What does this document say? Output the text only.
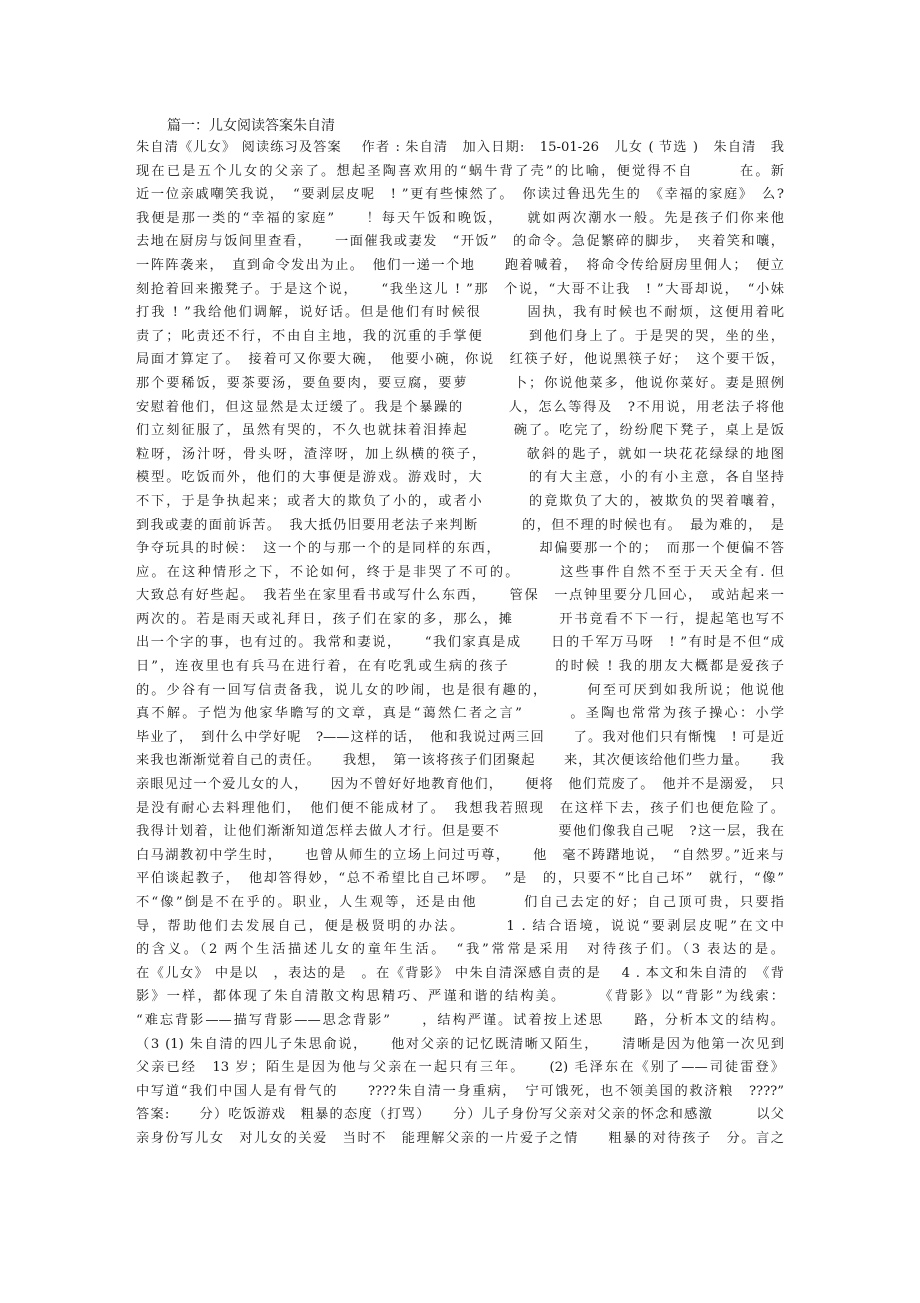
篇一：儿女阅读答案朱自清
朱自清《儿女》 阅读练习及答案　 作者 : 朱自清　加入日期:　15-01-26　儿女 ( 节选 )　朱自清　我
现在已是五个儿女的父亲了。想起圣陶喜欢用的“蜗牛背了壳”的比喻，便觉得不自　　　在。新
近一位亲戚嘲笑我说，　“要剥层皮呢　! ”更有些悚然了。　你读过鲁迅先生的　《幸福的家庭》　么?
我便是那一类的“幸福的家庭”　　！每天午饭和晚饭，　　就如两次潮水一般。先是孩子们你来他
去地在厨房与饭间里查看，　　一面催我或妻发　“开饭”　的命令。急促繁碎的脚步，　夹着笑和嚷，
一阵阵袭来，　直到命令发出为止。　他们一递一个地　　跑着喊着，　将命令传给厨房里佣人；　便立
刻抢着回来搬凳子。于是这个说，　　“我坐这儿 ! ”那　个说，“大哥不让我　! ”大哥却说，　“小妹
打我 ! ”我给他们调解，说好话。但是他们有时候很　　　固执，我有时候也不耐烦，这便用着叱
责了；叱责还不行，不由自主地，我的沉重的手掌便　　　到他们身上了。于是哭的哭，坐的坐，
局面才算定了。　接着可又你要大碗，　他要小碗，你说　红筷子好，他说黑筷子好；　这个要干饭，
那个要稀饭，要茶要汤，要鱼要肉，要豆腐，要萝　　　卜；你说他菜多，他说你菜好。妻是照例
安慰着他们，但这显然是太迂缓了。我是个暴躁的　　　人，怎么等得及　?不用说，用老法子将他
们立刻征服了，虽然有哭的，不久也就抹着泪捧起　　　碗了。吃完了，纷纷爬下凳子，桌上是饭
粒呀，汤汁呀，骨头呀，渣滓呀，加上纵横的筷子，　　　欹斜的匙子，就如一块花花绿绿的地图
模型。吃饭而外，他们的大事便是游戏。游戏时，大　　　的有大主意，小的有小主意，各自坚持
不下，于是争执起来；或者大的欺负了小的，或者小　　　的竟欺负了大的，被欺负的哭着嚷着，
到我或妻的面前诉苦。　我大抵仍旧要用老法子来判断　　　的，但不理的时候也有。　最为难的，　是
争夺玩具的时候：　这一个的与那一个的是同样的东西，　　　却偏要那一个的；　而那一个便偏不答
应。在这种情形之下，不论如何，终于是非哭了不可的。　　　这些事件自然不至于天天全有. 但
大致总有好些起。　我若坐在家里看书或写什么东西，　　管保　一点钟里要分几回心，　或站起来一
两次的。若是雨天或礼拜日，孩子们在家的多，那么，摊　　　开书竟看不下一行，提起笔也写不
出一个字的事，也有过的。我常和妻说，　　“我们家真是成　　日的千军万马呀　! ”有时是不但“成
日”，连夜里也有兵马在进行着，在有吃乳或生病的孩子　　　的时候 ! 我的朋友大概都是爱孩子
的。少谷有一回写信责备我，说儿女的吵闹，也是很有趣的，　　　何至可厌到如我所说；他说他
真不解。子恺为他家华瞻写的文章，真是“蔼然仁者之言”　　　。圣陶也常常为孩子操心：小学
毕业了，　到什么中学好呢　?——这样的话，　他和我说过两三回　　了。我对他们只有惭愧　! 可是近
来我也渐渐觉着自己的责任。　　我想，　第一该将孩子们团聚起　　来，其次便该给他们些力量。　　我
亲眼见过一个爱儿女的人，　　因为不曾好好地教育他们，　　便将　他们荒废了。　他并不是溺爱，　只
是没有耐心去料理他们，　他们便不能成材了。　我想我若照现　在这样下去，孩子们也便危险了。
我得计划着，让他们渐渐知道怎样去做人才行。但是要不　　　　要他们像我自己呢　?这一层，我在
白马湖教初中学生时，　　也曾从师生的立场上问过丏尊，　　他　毫不踌躇地说，　“自然罗。”近来与
平伯谈起教子，　他却答得妙，“总不希望比自己坏啰。　”是　的，只要不“比自己坏”　就行，“像”
不“像”倒是不在乎的。职业，人生观等，还是由他　　　们自己去定的好；自己顶可贵，只要指
导，帮助他们去发展自己，便是极贤明的办法。　　　1 . 结合语境，说说“要剥层皮呢”在文中
的含义。（2 两个生活描述儿女的童年生活。　“我”常常是采用　对待孩子们。（3 表达的是。
在《儿女》 中是以　，表达的是　。在《背影》 中朱自清深感自责的是　 4 . 本文和朱自清的　《背
影》一样，都体现了朱自清散文构思精巧、严谨和谐的结构美。　　　《背影》以“背影”为线索：
“难忘背影——描写背影——思念背影”　　，结构严谨。试着按上述思　　路，分析本文的结构。
（3 (1) 朱自清的四儿子朱思俞说，　　他对父亲的记忆既清晰又陌生，　　清晰是因为他第一次见到
父亲已经　13 岁；陌生是因为他与父亲在一起只有三年。　　(2) 毛泽东在《别了——司徒雷登》
中写道“我们中国人是有骨气的　　????朱自清一身重病，　宁可饿死，也不领美国的救济粮　????”
答案:　　分）吃饭游戏　粗暴的态度（打骂）　　分）儿子身份写父亲对父亲的怀念和感激　　　以父
亲身份写儿女　对儿女的关爱　当时不　能理解父亲的一片爱子之情　　粗暴的对待孩子　分。言之
